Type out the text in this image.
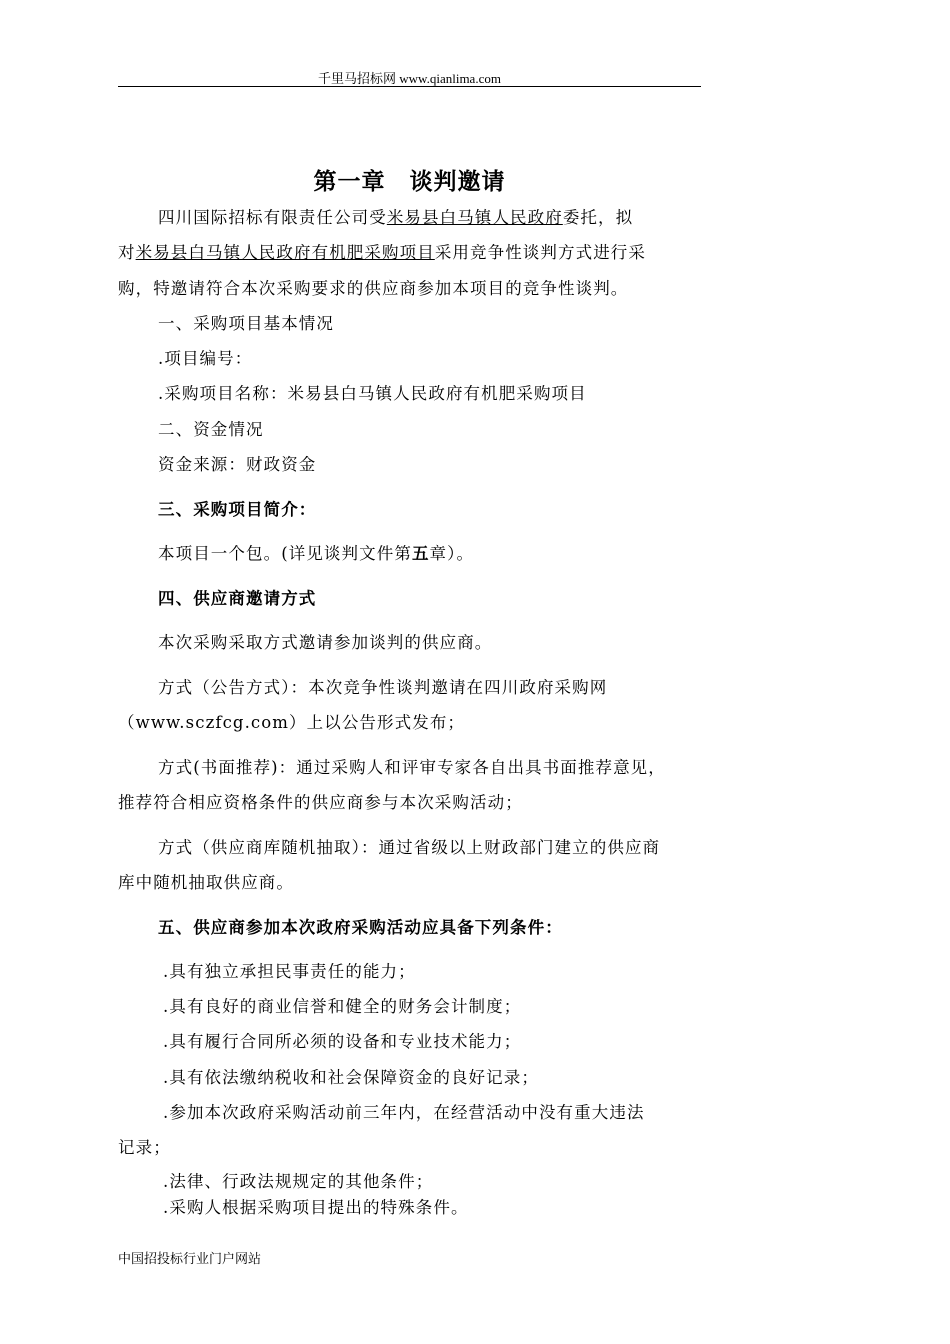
千里马招标网 www.qianlima.com
第一章　谈判邀请
四川国际招标有限责任公司受米易县白马镇人民政府委托，拟
对米易县白马镇人民政府有机肥采购项目采用竞争性谈判方式进行采
购，特邀请符合本次采购要求的供应商参加本项目的竞争性谈判。
一、采购项目基本情况
.项目编号：
.采购项目名称：米易县白马镇人民政府有机肥采购项目
二、资金情况
资金来源：财政资金
三、采购项目简介：
本项目一个包。(详见谈判文件第五章）。
四、供应商邀请方式
本次采购采取方式邀请参加谈判的供应商。
方式（公告方式）：本次竞争性谈判邀请在四川政府采购网
（www.sczfcg.com）上以公告形式发布；
方式(书面推荐)：通过采购人和评审专家各自出具书面推荐意见，
推荐符合相应资格条件的供应商参与本次采购活动；
方式（供应商库随机抽取）：通过省级以上财政部门建立的供应商
库中随机抽取供应商。
五、供应商参加本次政府采购活动应具备下列条件：
.具有独立承担民事责任的能力；
.具有良好的商业信誉和健全的财务会计制度；
.具有履行合同所必须的设备和专业技术能力；
.具有依法缴纳税收和社会保障资金的良好记录；
.参加本次政府采购活动前三年内，在经营活动中没有重大违法
记录；
.法律、行政法规规定的其他条件；
.采购人根据采购项目提出的特殊条件。
中国招投标行业门户网站
